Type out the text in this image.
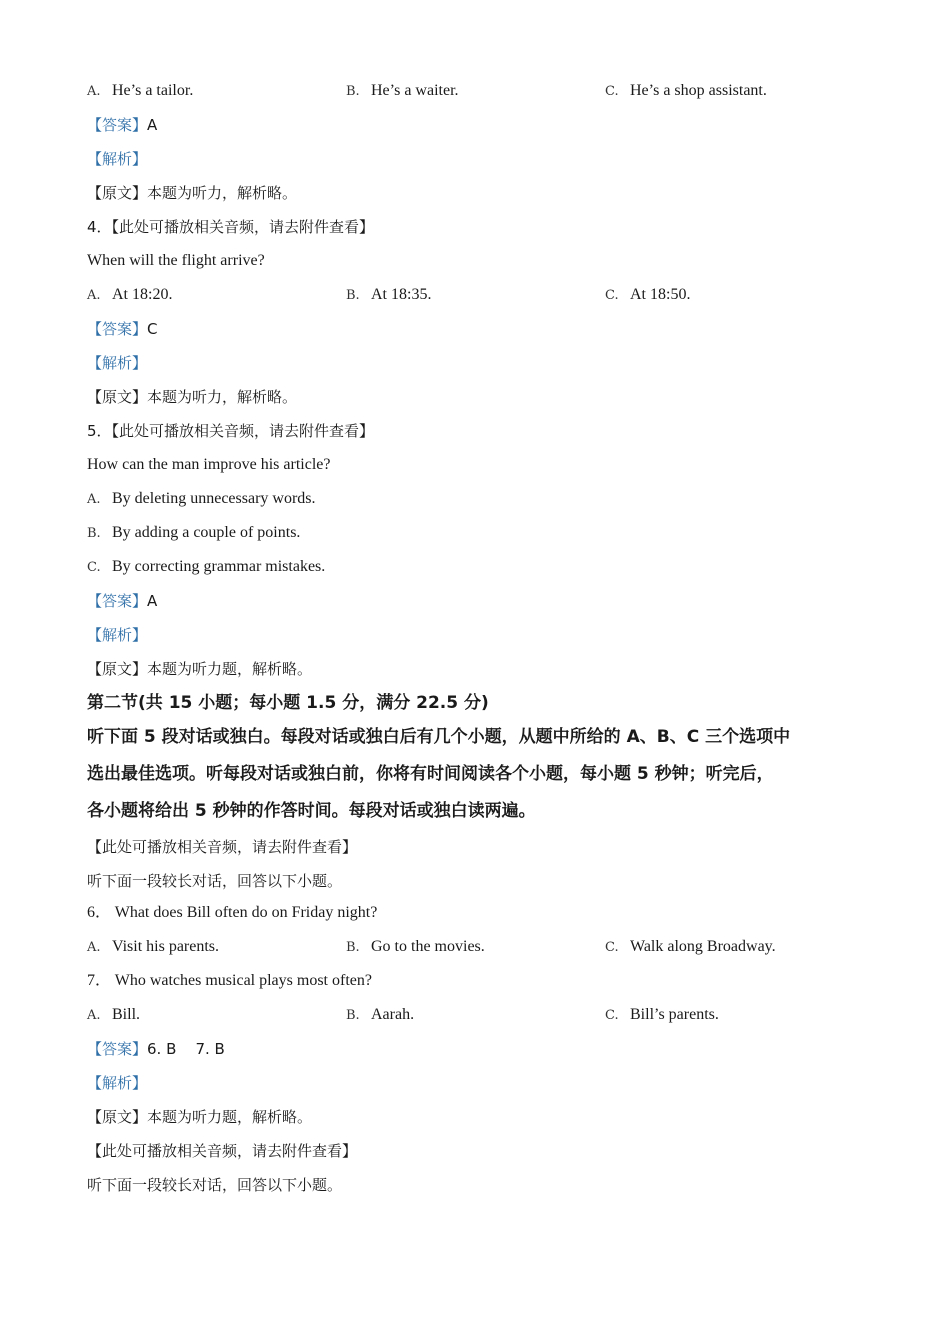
A. He’s a tailor.	B. He’s a waiter.	C. He’s a shop assistant.
【答案】A
【解析】
【原文】本题为听力，解析略。
4．【此处可播放相关音频，请去附件查看】
When will the flight arrive?
A. At 18:20.	B. At 18:35.	C. At 18:50.
【答案】C
【解析】
【原文】本题为听力，解析略。
5．【此处可播放相关音频，请去附件查看】
How can the man improve his article?
A. By deleting unnecessary words.
B. By adding a couple of points.
C. By correcting grammar mistakes.
【答案】A
【解析】
【原文】本题为听力题，解析略。
第二节(共 15 小题；每小题 1.5 分，满分 22.5 分)
听下面 5 段对话或独白。每段对话或独白后有几个小题，从题中所给的 A、B、C 三个选项中
选出最佳选项。听每段对话或独白前，你将有时间阅读各个小题，每小题 5 秒钟；听完后，
各小题将给出 5 秒钟的作答时间。每段对话或独白读两遍。
【此处可播放相关音频，请去附件查看】
听下面一段较长对话，回答以下小题。
6． What does Bill often do on Friday night?
A. Visit his parents.	B. Go to the movies.	C. Walk along Broadway.
7． Who watches musical plays most often?
A. Bill.	B. Aarah.	C. Bill’s parents.
【答案】6. B    7. B
【解析】
【原文】本题为听力题，解析略。
【此处可播放相关音频，请去附件查看】
听下面一段较长对话，回答以下小题。
